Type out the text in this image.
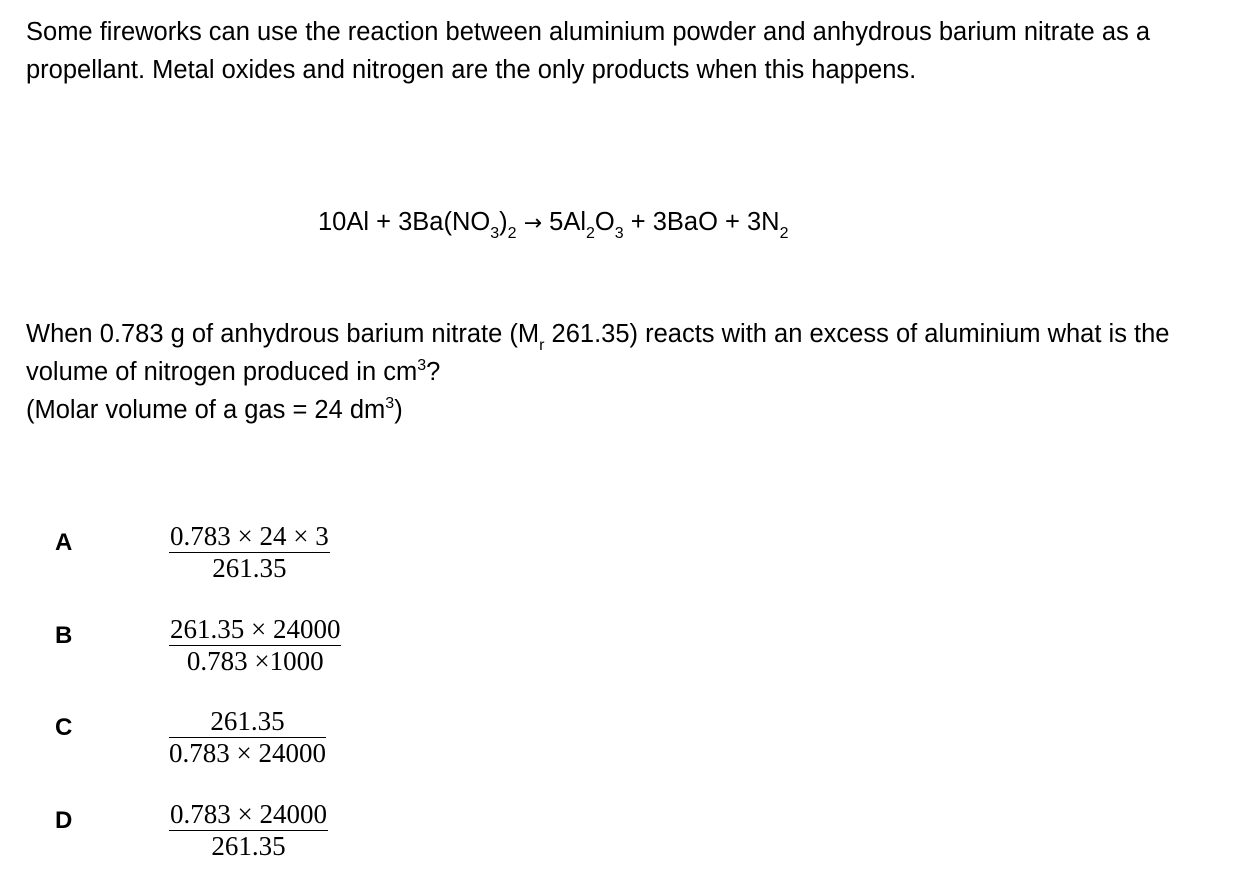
Some fireworks can use the reaction between aluminium powder and anhydrous barium nitrate as a propellant. Metal oxides and nitrogen are the only products when this happens.

$10Al + 3Ba(NO_3)_2 \to 5Al_2O_3 + 3BaO + 3N_2$

When 0.783 g of anhydrous barium nitrate ($M_r$ 261.35) reacts with an excess of aluminium what is the volume of nitrogen produced in $cm^3$?
(Molar volume of a gas = 24 $dm^3$)

A	$\frac{0.783 \times 24 \times 3}{261.35}$
B	$\frac{261.35 \times 24000}{0.783 \times 1000}$
C	$\frac{261.35}{0.783 \times 24000}$
D	$\frac{0.783 \times 24000}{261.35}$
